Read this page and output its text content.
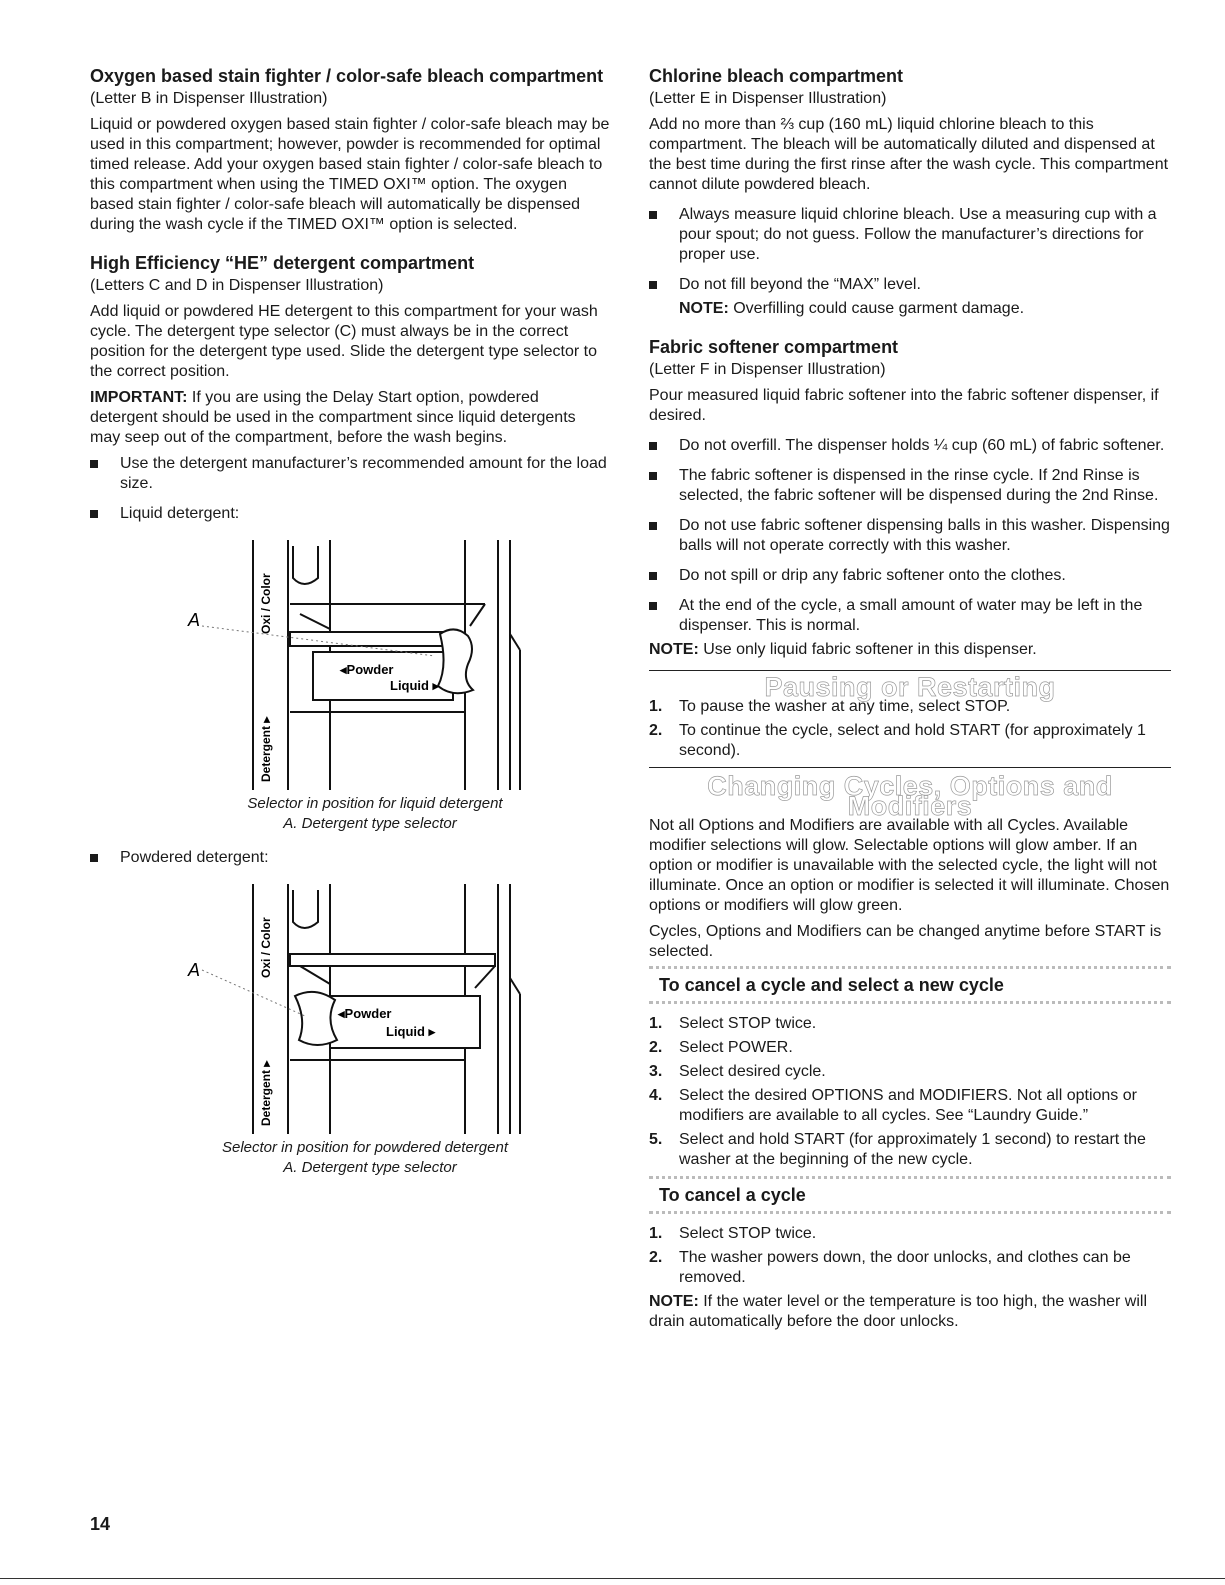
Oxygen based stain fighter / color-safe bleach compartment
(Letter B in Dispenser Illustration)

Liquid or powdered oxygen based stain fighter / color-safe bleach may be used in this compartment; however, powder is recommended for optimal timed release. Add your oxygen based stain fighter / color-safe bleach to this compartment when using the TIMED OXI™ option. The oxygen based stain fighter / color-safe bleach will automatically be dispensed during the wash cycle if the TIMED OXI™ option is selected.

High Efficiency “HE” detergent compartment
(Letters C and D in Dispenser Illustration)

Add liquid or powdered HE detergent to this compartment for your wash cycle. The detergent type selector (C) must always be in the correct position for the detergent type used. Slide the detergent type selector to the correct position.

IMPORTANT: If you are using the Delay Start option, powdered detergent should be used in the compartment since liquid detergents may seep out of the compartment, before the wash begins.

Use the detergent manufacturer’s recommended amount for the load size.
Liquid detergent:
A	Oxi / Color
Detergent ▸
◂Powder
Liquid ▸

Selector in position for liquid detergent

A. Detergent type selector

Powdered detergent:
A	Oxi / Color
Detergent ▸
◂Powder
Liquid ▸

Selector in position for powdered detergent

A. Detergent type selector

Chlorine bleach compartment
(Letter E in Dispenser Illustration)

Add no more than ⅔ cup (160 mL) liquid chlorine bleach to this compartment. The bleach will be automatically diluted and dispensed at the best time during the first rinse after the wash cycle. This compartment cannot dilute powdered bleach.

Always measure liquid chlorine bleach. Use a measuring cup with a pour spout; do not guess. Follow the manufacturer’s directions for proper use.
Do not fill beyond the “MAX” level.

NOTE: Overfilling could cause garment damage.

Fabric softener compartment
(Letter F in Dispenser Illustration)

Pour measured liquid fabric softener into the fabric softener dispenser, if desired.

Do not overfill. The dispenser holds ¼ cup (60 mL) of fabric softener.
The fabric softener is dispensed in the rinse cycle. If 2nd Rinse is selected, the fabric softener will be dispensed during the 2nd Rinse.
Do not use fabric softener dispensing balls in this washer. Dispensing balls will not operate correctly with this washer.
Do not spill or drip any fabric softener onto the clothes.
At the end of the cycle, a small amount of water may be left in the dispenser. This is normal.

NOTE: Use only liquid fabric softener in this dispenser.

Pausing or Restarting

1. To pause the washer at any time, select STOP.
2. To continue the cycle, select and hold START (for approximately 1 second).

Changing Cycles, Options and Modifiers

Not all Options and Modifiers are available with all Cycles. Available modifier selections will glow. Selectable options will glow amber. If an option or modifier is unavailable with the selected cycle, the light will not illuminate. Once an option or modifier is selected it will illuminate. Chosen options or modifiers will glow green.

Cycles, Options and Modifiers can be changed anytime before START is selected.

To cancel a cycle and select a new cycle
1. Select STOP twice.
2. Select POWER.
3. Select desired cycle.
4. Select the desired OPTIONS and MODIFIERS. Not all options or modifiers are available to all cycles. See “Laundry Guide.”
5. Select and hold START (for approximately 1 second) to restart the washer at the beginning of the new cycle.
To cancel a cycle
1. Select STOP twice.
2. The washer powers down, the door unlocks, and clothes can be removed.

NOTE: If the water level or the temperature is too high, the washer will drain automatically before the door unlocks.

14
